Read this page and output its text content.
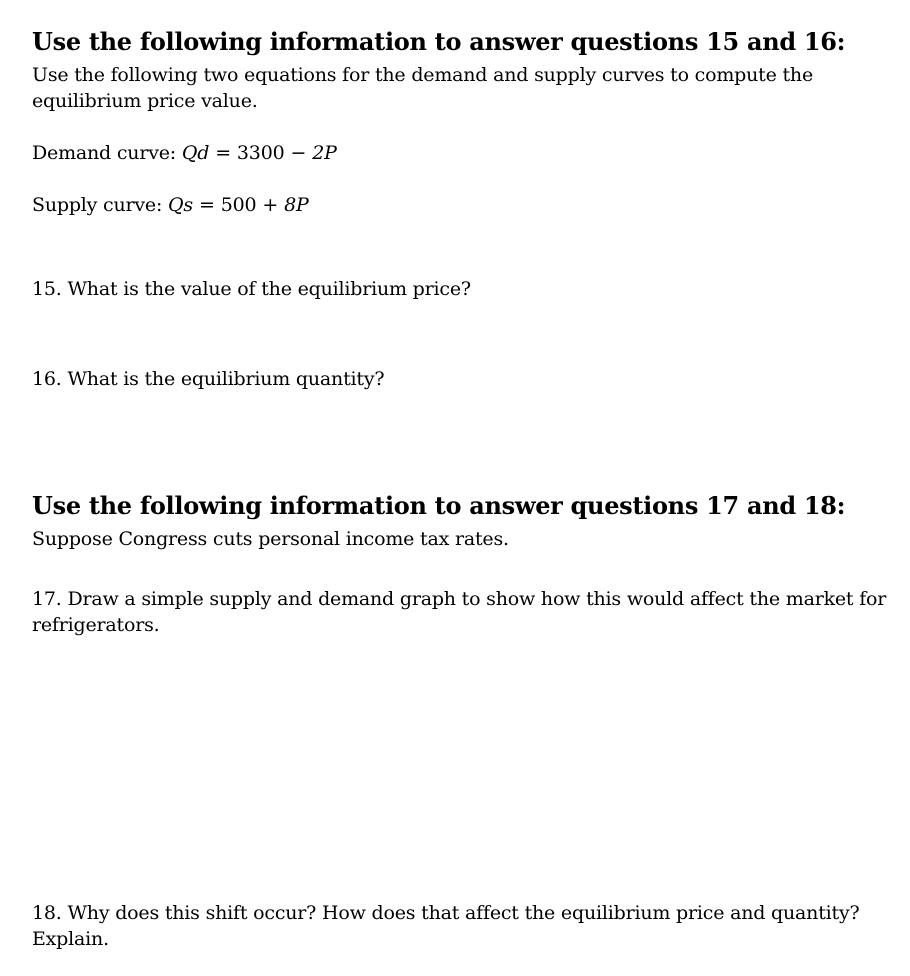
Use the following information to answer questions 15 and 16:

Use the following two equations for the demand and supply curves to compute the
equilibrium price value.
Demand curve: Qd = 3300 − 2P
Supply curve: Qs = 500 + 8P
15. What is the value of the equilibrium price?
16. What is the equilibrium quantity?

Use the following information to answer questions 17 and 18:

Suppose Congress cuts personal income tax rates.
17. Draw a simple supply and demand graph to show how this would affect the market for
refrigerators.
18. Why does this shift occur? How does that affect the equilibrium price and quantity?
Explain.
